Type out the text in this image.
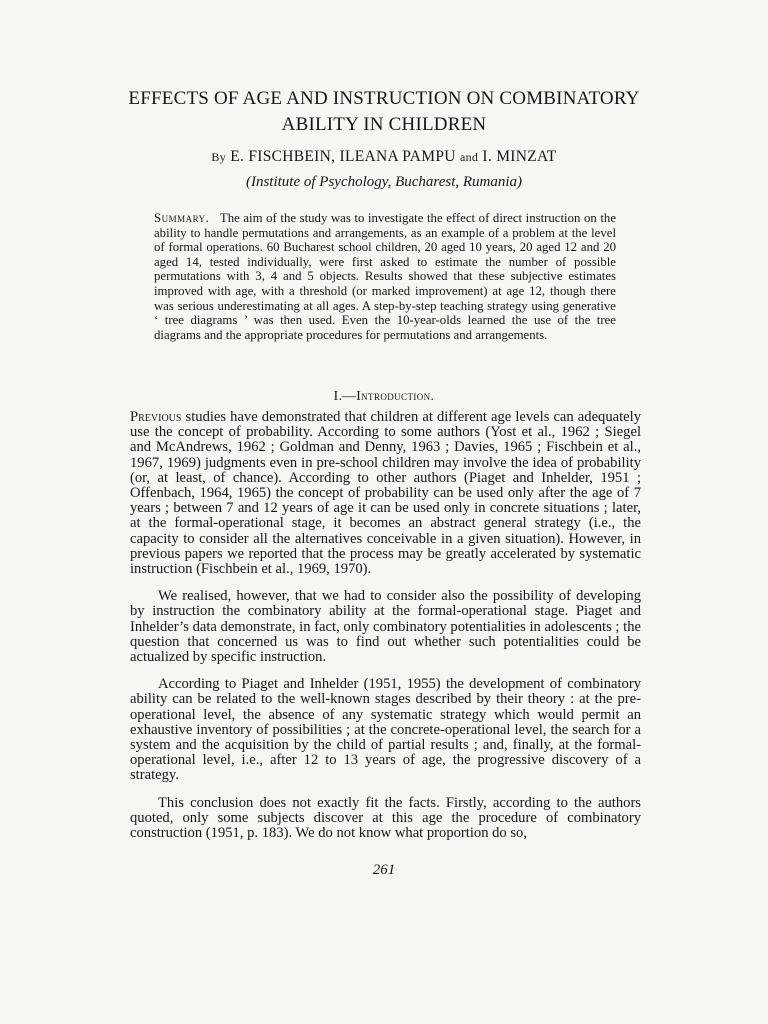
EFFECTS OF AGE AND INSTRUCTION ON COMBINATORY ABILITY IN CHILDREN
By E. FISCHBEIN, ILEANA PAMPU and I. MINZAT
(Institute of Psychology, Bucharest, Rumania)

Summary. The aim of the study was to investigate the effect of direct instruction on the ability to handle permutations and arrangements, as an example of a problem at the level of formal operations. 60 Bucharest school children, 20 aged 10 years, 20 aged 12 and 20 aged 14, tested individually, were first asked to estimate the number of possible permutations with 3, 4 and 5 objects. Results showed that these subjective estimates improved with age, with a threshold (or marked improvement) at age 12, though there was serious underestimating at all ages. A step-by-step teaching strategy using generative ‘ tree diagrams ’ was then used. Even the 10-year-olds learned the use of the tree diagrams and the appropriate procedures for permutations and arrangements.

I.—Introduction.

Previous studies have demonstrated that children at different age levels can adequately use the concept of probability. According to some authors (Yost et al., 1962 ; Siegel and McAndrews, 1962 ; Goldman and Denny, 1963 ; Davies, 1965 ; Fischbein et al., 1967, 1969) judgments even in pre-school children may involve the idea of probability (or, at least, of chance). According to other authors (Piaget and Inhelder, 1951 ; Offenbach, 1964, 1965) the concept of probability can be used only after the age of 7 years ; between 7 and 12 years of age it can be used only in concrete situations ; later, at the formal-operational stage, it becomes an abstract general strategy (i.e., the capacity to consider all the alternatives conceivable in a given situation). However, in previous papers we reported that the process may be greatly accelerated by systematic instruction (Fischbein et al., 1969, 1970).

We realised, however, that we had to consider also the possibility of developing by instruction the combinatory ability at the formal-operational stage. Piaget and Inhelder’s data demonstrate, in fact, only combinatory potentialities in adolescents ; the question that concerned us was to find out whether such potentialities could be actualized by specific instruction.

According to Piaget and Inhelder (1951, 1955) the development of combinatory ability can be related to the well-known stages described by their theory : at the pre-operational level, the absence of any systematic strategy which would permit an exhaustive inventory of possibilities ; at the concrete-operational level, the search for a system and the acquisition by the child of partial results ; and, finally, at the formal-operational level, i.e., after 12 to 13 years of age, the progressive discovery of a strategy.

This conclusion does not exactly fit the facts. Firstly, according to the authors quoted, only some subjects discover at this age the procedure of combinatory construction (1951, p. 183). We do not know what proportion do so,

261
